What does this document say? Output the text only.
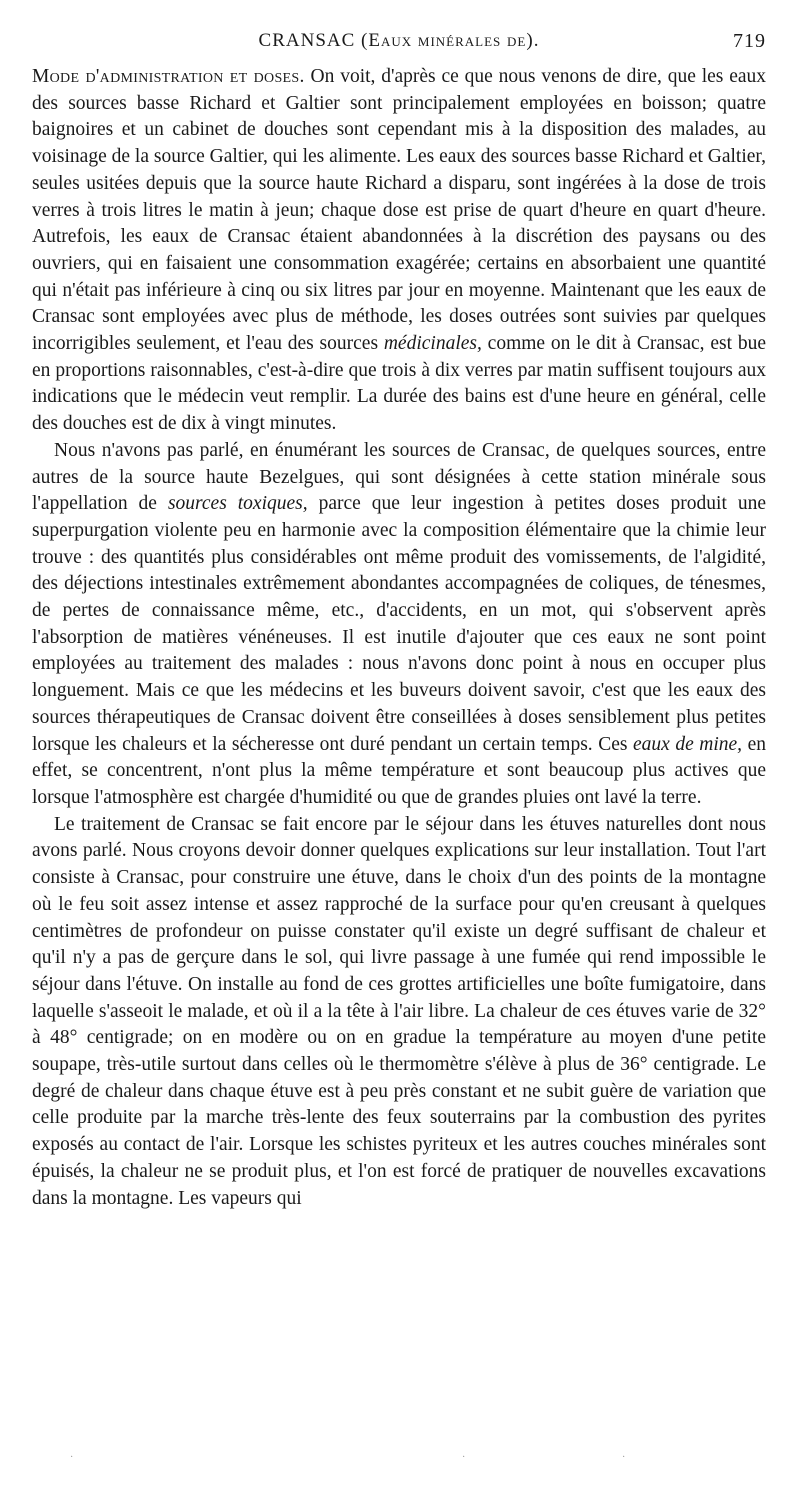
CRANSAC (Eaux minérales de).	719

Mode d'administration et doses. On voit, d'après ce que nous venons de dire, que les eaux des sources basse Richard et Galtier sont principalement employées en boisson; quatre baignoires et un cabinet de douches sont cependant mis à la disposition des malades, au voisinage de la source Galtier, qui les alimente. Les eaux des sources basse Richard et Galtier, seules usitées depuis que la source haute Richard a disparu, sont ingérées à la dose de trois verres à trois litres le matin à jeun; chaque dose est prise de quart d'heure en quart d'heure. Autrefois, les eaux de Cransac étaient abandonnées à la discrétion des paysans ou des ouvriers, qui en faisaient une consommation exagérée; certains en absorbaient une quantité qui n'était pas inférieure à cinq ou six litres par jour en moyenne. Maintenant que les eaux de Cransac sont employées avec plus de méthode, les doses outrées sont suivies par quelques incorrigibles seulement, et l'eau des sources médicinales, comme on le dit à Cransac, est bue en proportions raisonnables, c'est-à-dire que trois à dix verres par matin suffisent toujours aux indications que le médecin veut remplir. La durée des bains est d'une heure en général, celle des douches est de dix à vingt minutes.

Nous n'avons pas parlé, en énumérant les sources de Cransac, de quelques sources, entre autres de la source haute Bezelgues, qui sont désignées à cette station minérale sous l'appellation de sources toxiques, parce que leur ingestion à petites doses produit une superpurgation violente peu en harmonie avec la composition élémentaire que la chimie leur trouve : des quantités plus considérables ont même produit des vomissements, de l'algidité, des déjections intestinales extrêmement abondantes accompagnées de coliques, de ténesmes, de pertes de connaissance même, etc., d'accidents, en un mot, qui s'observent après l'absorption de matières vénéneuses. Il est inutile d'ajouter que ces eaux ne sont point employées au traitement des malades : nous n'avons donc point à nous en occuper plus longuement. Mais ce que les médecins et les buveurs doivent savoir, c'est que les eaux des sources thérapeutiques de Cransac doivent être conseillées à doses sensiblement plus petites lorsque les chaleurs et la sécheresse ont duré pendant un certain temps. Ces eaux de mine, en effet, se concentrent, n'ont plus la même température et sont beaucoup plus actives que lorsque l'atmosphère est chargée d'humidité ou que de grandes pluies ont lavé la terre.

Le traitement de Cransac se fait encore par le séjour dans les étuves naturelles dont nous avons parlé. Nous croyons devoir donner quelques explications sur leur installation. Tout l'art consiste à Cransac, pour construire une étuve, dans le choix d'un des points de la montagne où le feu soit assez intense et assez rapproché de la surface pour qu'en creusant à quelques centimètres de profondeur on puisse constater qu'il existe un degré suffisant de chaleur et qu'il n'y a pas de gerçure dans le sol, qui livre passage à une fumée qui rend impossible le séjour dans l'étuve. On installe au fond de ces grottes artificielles une boîte fumigatoire, dans laquelle s'asseoit le malade, et où il a la tête à l'air libre. La chaleur de ces étuves varie de 32° à 48° centigrade; on en modère ou on en gradue la température au moyen d'une petite soupape, très-utile surtout dans celles où le thermomètre s'élève à plus de 36° centigrade. Le degré de chaleur dans chaque étuve est à peu près constant et ne subit guère de variation que celle produite par la marche très-lente des feux souterrains par la combustion des pyrites exposés au contact de l'air. Lorsque les schistes pyriteux et les autres couches minérales sont épuisés, la chaleur ne se produit plus, et l'on est forcé de pratiquer de nouvelles excavations dans la montagne. Les vapeurs qui

·	·	·
